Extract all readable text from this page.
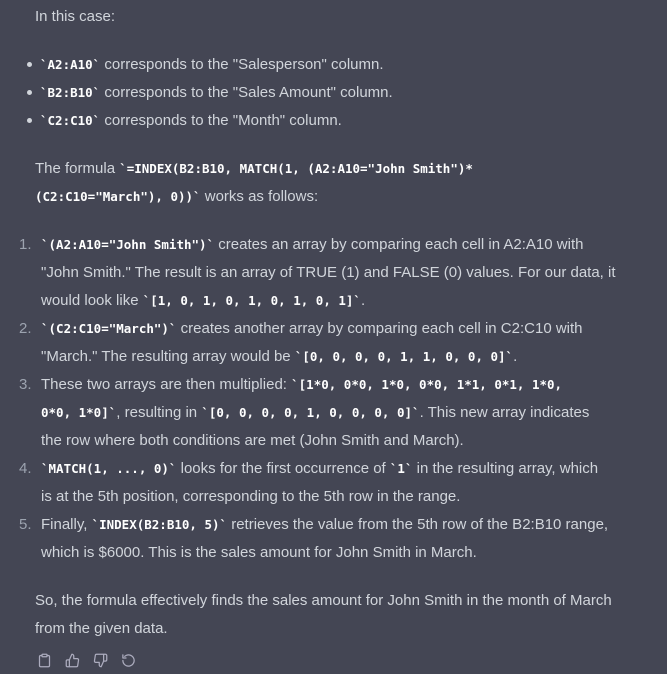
In this case:

`A2:A10` corresponds to the "Salesperson" column.
`B2:B10` corresponds to the "Sales Amount" column.
`C2:C10` corresponds to the "Month" column.
The formula `=INDEX(B2:B10, MATCH(1, (A2:A10="John Smith")*
(C2:C10="March"), 0))` works as follows:
1. `(A2:A10="John Smith")` creates an array by comparing each cell in A2:A10 with
"John Smith." The result is an array of TRUE (1) and FALSE (0) values. For our data, it
would look like `[1, 0, 1, 0, 1, 0, 1, 0, 1]`.
2. `(C2:C10="March")` creates another array by comparing each cell in C2:C10 with
"March." The resulting array would be `[0, 0, 0, 0, 1, 1, 0, 0, 0]`.
3. These two arrays are then multiplied: `[1*0, 0*0, 1*0, 0*0, 1*1, 0*1, 1*0,
0*0, 1*0]`, resulting in `[0, 0, 0, 0, 1, 0, 0, 0, 0]`. This new array indicates
the row where both conditions are met (John Smith and March).
4. `MATCH(1, ..., 0)` looks for the first occurrence of `1` in the resulting array, which
is at the 5th position, corresponding to the 5th row in the range.
5. Finally, `INDEX(B2:B10, 5)` retrieves the value from the 5th row of the B2:B10 range,
which is $6000. This is the sales amount for John Smith in March.
So, the formula effectively finds the sales amount for John Smith in the month of March
from the given data.
